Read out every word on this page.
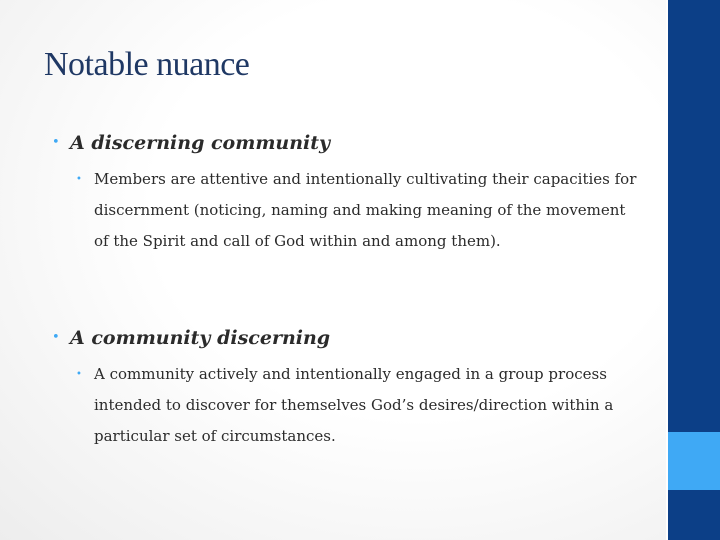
Notable nuance
• A discerning community
• Members are attentive and intentionally cultivating their capacities for discernment (noticing, naming and making meaning of the movement of the Spirit and call of God within and among them).
• A community discerning
• A community actively and intentionally engaged in a group process intended to discover for themselves God’s desires/direction within a particular set of circumstances.
